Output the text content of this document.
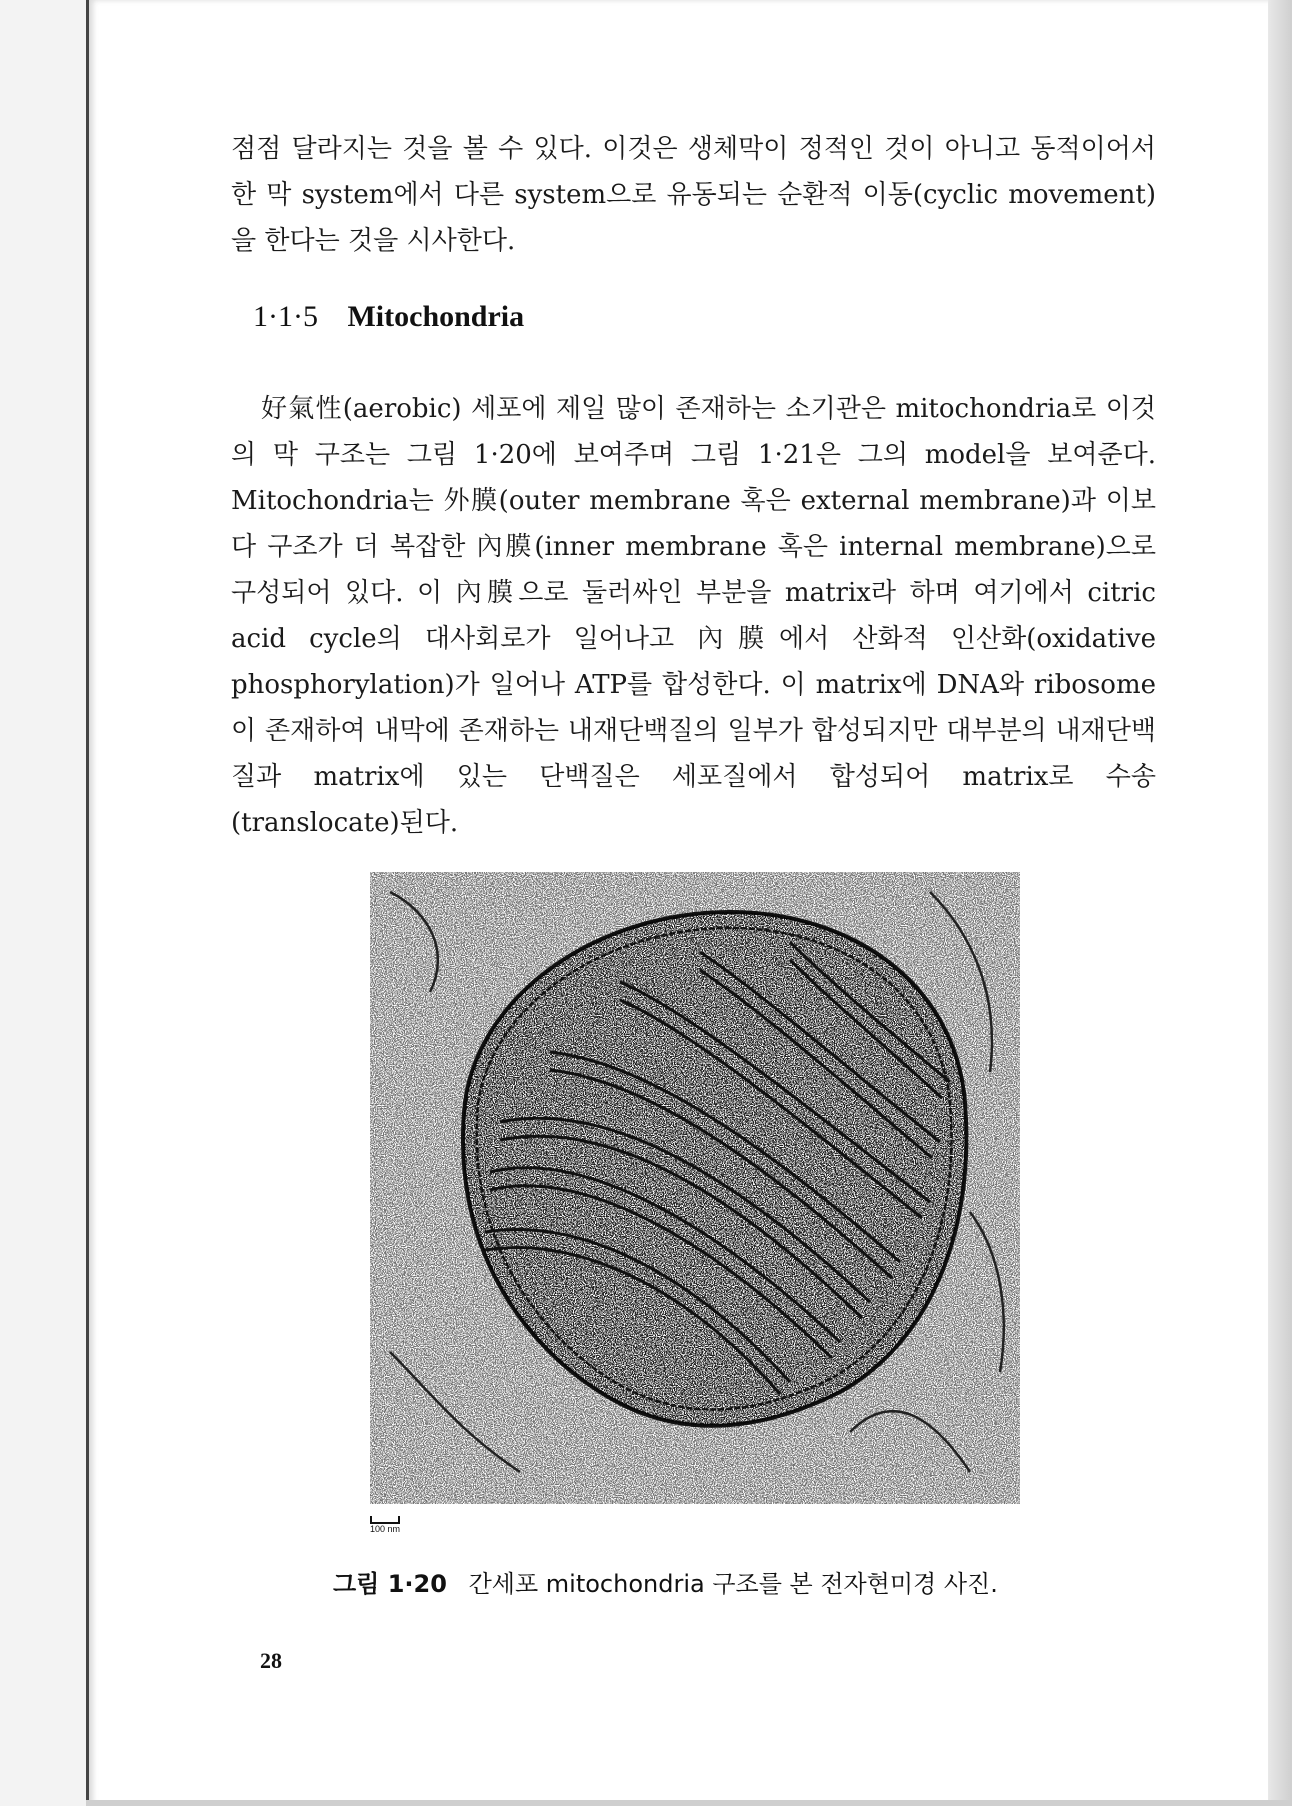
점점 달라지는 것을 볼 수 있다. 이것은 생체막이 정적인 것이 아니고 동적이어서 한 막 system에서 다른 system으로 유동되는 순환적 이동(cyclic movement)을 한다는 것을 시사한다.

1·1·5 Mitochondria

好氣性(aerobic) 세포에 제일 많이 존재하는 소기관은 mitochondria로 이것의 막 구조는 그림 1·20에 보여주며 그림 1·21은 그의 model을 보여준다. Mitochondria는 外膜(outer membrane 혹은 external membrane)과 이보다 구조가 더 복잡한 內膜(inner membrane 혹은 internal membrane)으로 구성되어 있다. 이 內膜으로 둘러싸인 부분을 matrix라 하며 여기에서 citric acid cycle의 대사회로가 일어나고 內膜에서 산화적 인산화(oxidative phosphorylation)가 일어나 ATP를 합성한다. 이 matrix에 DNA와 ribosome이 존재하여 내막에 존재하는 내재단백질의 일부가 합성되지만 대부분의 내재단백질과 matrix에 있는 단백질은 세포질에서 합성되어 matrix로 수송(translocate)된다.

100 nm
그림 1·20 간세포 mitochondria 구조를 본 전자현미경 사진.
28
